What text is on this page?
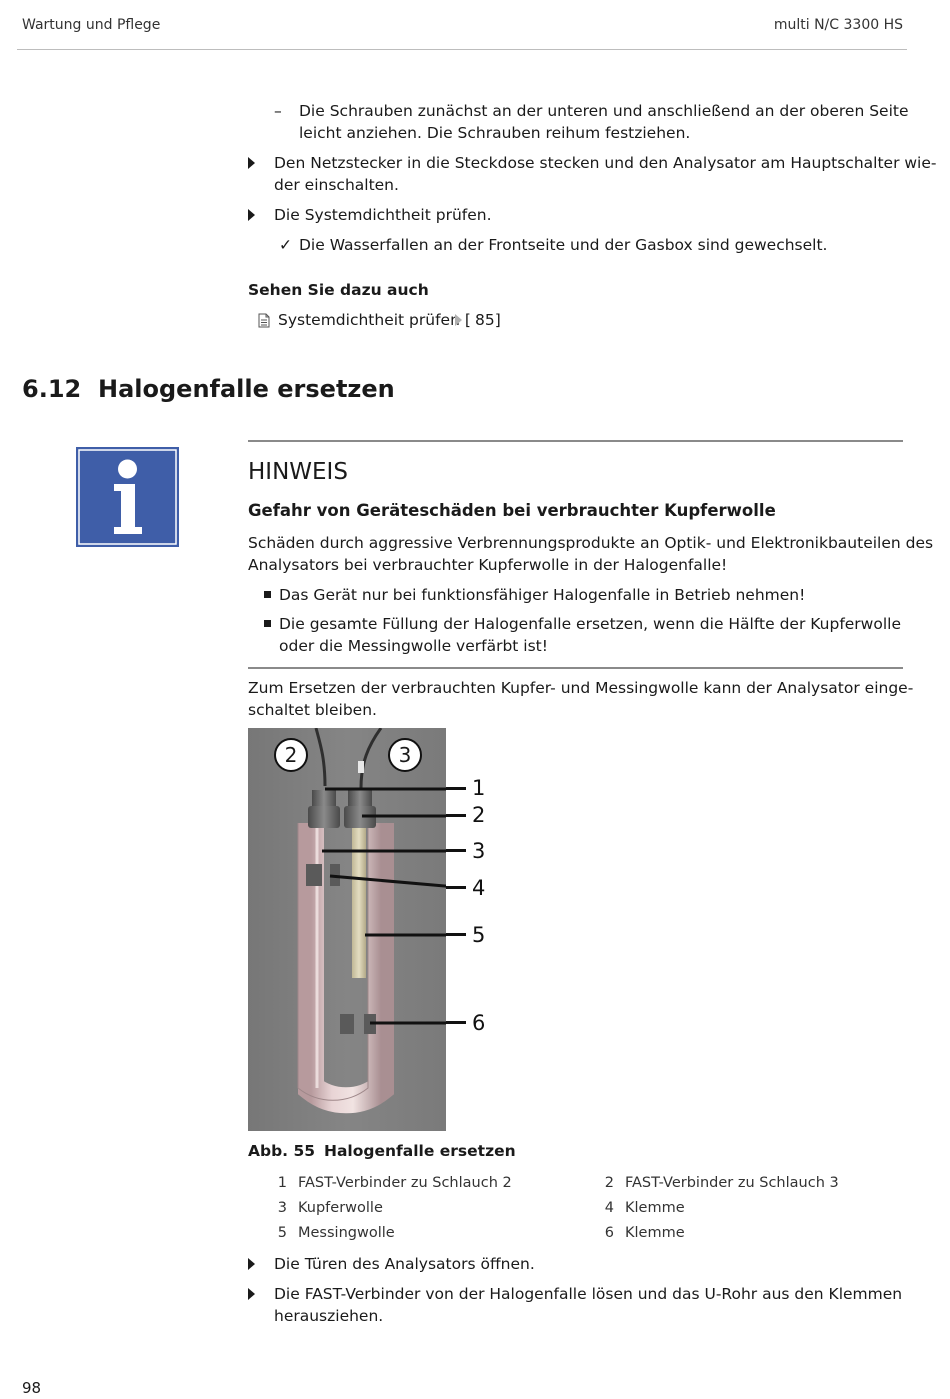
Wartung und Pflege	multi N/C 3300 HS
– Die Schrauben zunächst an der unteren und anschließend an der oberen Seite
leicht anziehen. Die Schrauben reihum festziehen.
Den Netzstecker in die Steckdose stecken und den Analysator am Hauptschalter wie-
der einschalten.
Die Systemdichtheit prüfen.
✓ Die Wasserfallen an der Frontseite und der Gasbox sind gewechselt.
Sehen Sie dazu auch
Systemdichtheit prüfen [ 85]
6.12 Halogenfalle ersetzen
HINWEIS
Gefahr von Geräteschäden bei verbrauchter Kupferwolle
Schäden durch aggressive Verbrennungsprodukte an Optik- und Elektronikbauteilen des
Analysators bei verbrauchter Kupferwolle in der Halogenfalle!
Das Gerät nur bei funktionsfähiger Halogenfalle in Betrieb nehmen!
Die gesamte Füllung der Halogenfalle ersetzen, wenn die Hälfte der Kupferwolle
oder die Messingwolle verfärbt ist!
Zum Ersetzen der verbrauchten Kupfer- und Messingwolle kann der Analysator einge-
schaltet bleiben.
2	3
1
2
3
4
5
6
Abb. 55 Halogenfalle ersetzen
1 FAST-Verbinder zu Schlauch 2	2 FAST-Verbinder zu Schlauch 3
3 Kupferwolle	4 Klemme
5 Messingwolle	6 Klemme
Die Türen des Analysators öffnen.
Die FAST-Verbinder von der Halogenfalle lösen und das U-Rohr aus den Klemmen
herausziehen.
98
